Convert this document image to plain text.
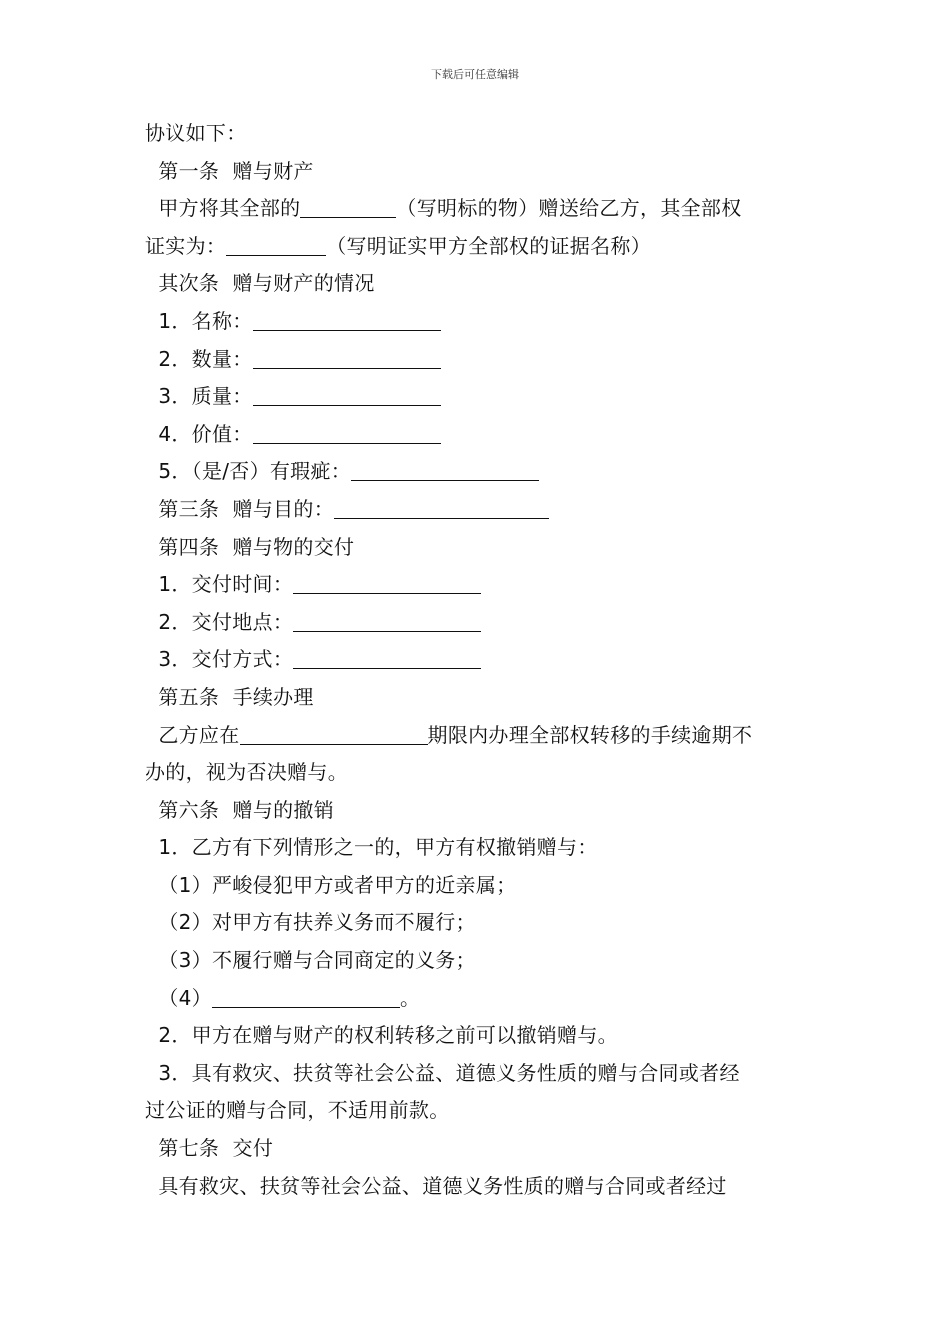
下载后可任意编辑
协议如下：
第一条  赠与财产
甲方将其全部的	（写明标的物）赠送给乙方，其全部权
证实为：	（写明证实甲方全部权的证据名称）
其次条  赠与财产的情况
1．名称：
2．数量：
3．质量：
4．价值：
5．（是/否）有瑕疵：
第三条  赠与目的：
第四条  赠与物的交付
1．交付时间：
2．交付地点：
3．交付方式：
第五条  手续办理
乙方应在	期限内办理全部权转移的手续逾期不
办的，视为否决赠与。
第六条  赠与的撤销
1．乙方有下列情形之一的，甲方有权撤销赠与：
（1）严峻侵犯甲方或者甲方的近亲属；
（2）对甲方有扶养义务而不履行；
（3）不履行赠与合同商定的义务；
（4）	。
2．甲方在赠与财产的权利转移之前可以撤销赠与。
3．具有救灾、扶贫等社会公益、道德义务性质的赠与合同或者经
过公证的赠与合同，不适用前款。
第七条  交付
具有救灾、扶贫等社会公益、道德义务性质的赠与合同或者经过
